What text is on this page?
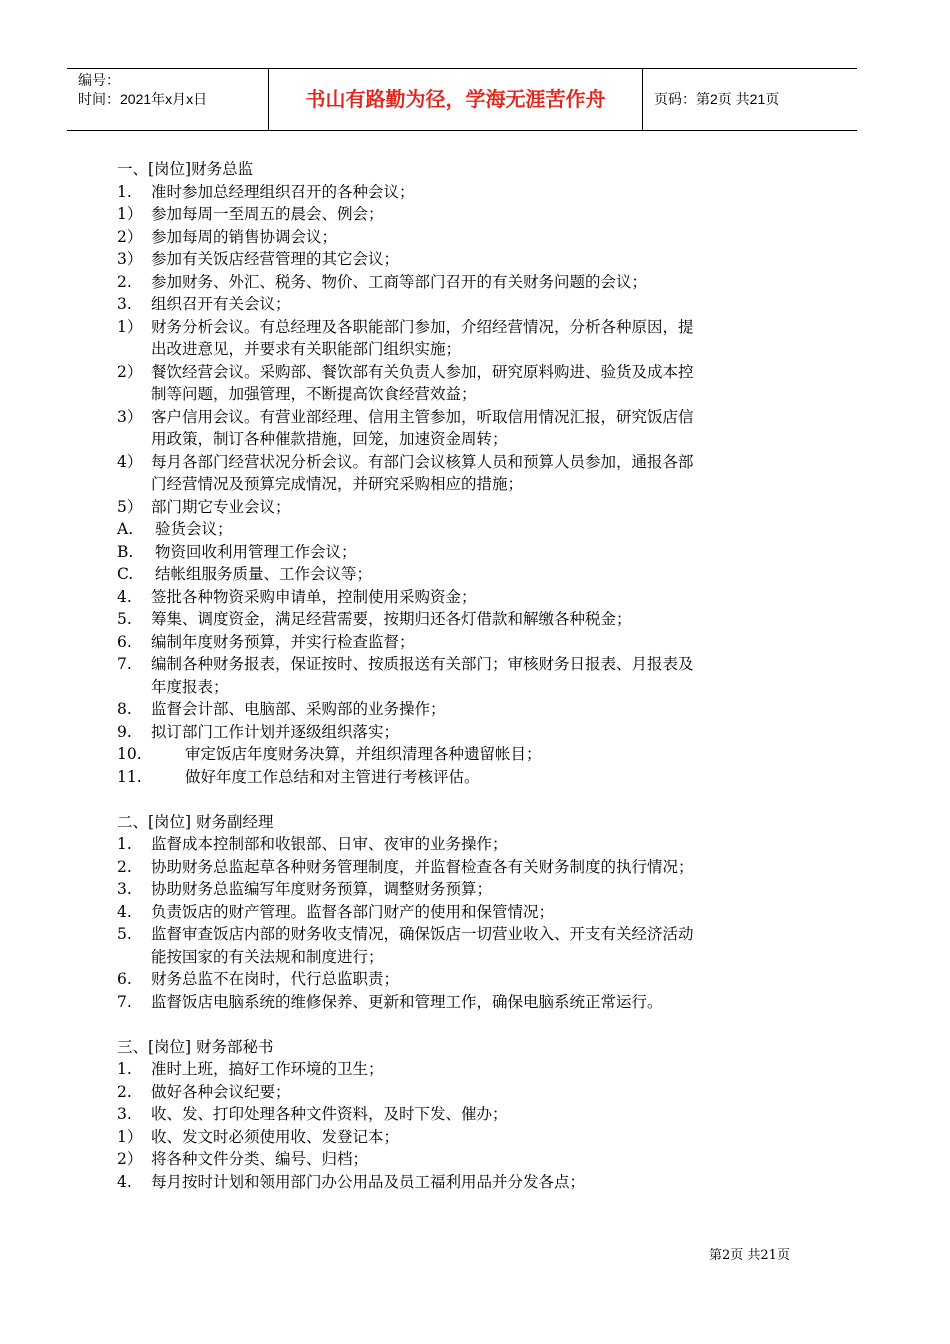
编号：
时间：2021年x月x日	书山有路勤为径，学海无涯苦作舟	页码：第2页 共21页
一、[岗位]财务总监
1. 准时参加总经理组织召开的各种会议；
1） 参加每周一至周五的晨会、例会；
2） 参加每周的销售协调会议；
3） 参加有关饭店经营管理的其它会议；
2. 参加财务、外汇、税务、物价、工商等部门召开的有关财务问题的会议；
3. 组织召开有关会议；
1） 财务分析会议。有总经理及各职能部门参加，介绍经营情况，分析各种原因，提
出改进意见，并要求有关职能部门组织实施；
2） 餐饮经营会议。采购部、餐饮部有关负责人参加，研究原料购进、验货及成本控
制等问题，加强管理，不断提高饮食经营效益；
3） 客户信用会议。有营业部经理、信用主管参加，听取信用情况汇报，研究饭店信
用政策，制订各种催款措施，回笼，加速资金周转；
4） 每月各部门经营状况分析会议。有部门会议核算人员和预算人员参加，通报各部
门经营情况及预算完成情况，并研究采购相应的措施；
5） 部门期它专业会议；
A. 验货会议；
B. 物资回收利用管理工作会议；
C. 结帐组服务质量、工作会议等；
4. 签批各种物资采购申请单，控制使用采购资金；
5. 筹集、调度资金，满足经营需要，按期归还各灯借款和解缴各种税金；
6. 编制年度财务预算，并实行检查监督；
7. 编制各种财务报表，保证按时、按质报送有关部门；审核财务日报表、月报表及
年度报表；
8. 监督会计部、电脑部、采购部的业务操作；
9. 拟订部门工作计划并逐级组织落实；
10.	审定饭店年度财务决算，并组织清理各种遗留帐目；
11.	做好年度工作总结和对主管进行考核评估。
二、[岗位] 财务副经理
1. 监督成本控制部和收银部、日审、夜审的业务操作；
2. 协助财务总监起草各种财务管理制度，并监督检查各有关财务制度的执行情况；
3. 协助财务总监编写年度财务预算，调整财务预算；
4. 负责饭店的财产管理。监督各部门财产的使用和保管情况；
5. 监督审查饭店内部的财务收支情况，确保饭店一切营业收入、开支有关经济活动
能按国家的有关法规和制度进行；
6. 财务总监不在岗时，代行总监职责；
7. 监督饭店电脑系统的维修保养、更新和管理工作，确保电脑系统正常运行。
三、[岗位] 财务部秘书
1. 准时上班，搞好工作环境的卫生；
2. 做好各种会议纪要；
3. 收、发、打印处理各种文件资料，及时下发、催办；
1） 收、发文时必须使用收、发登记本；
2） 将各种文件分类、编号、归档；
4. 每月按时计划和领用部门办公用品及员工福利用品并分发各点；
第2页 共21页
